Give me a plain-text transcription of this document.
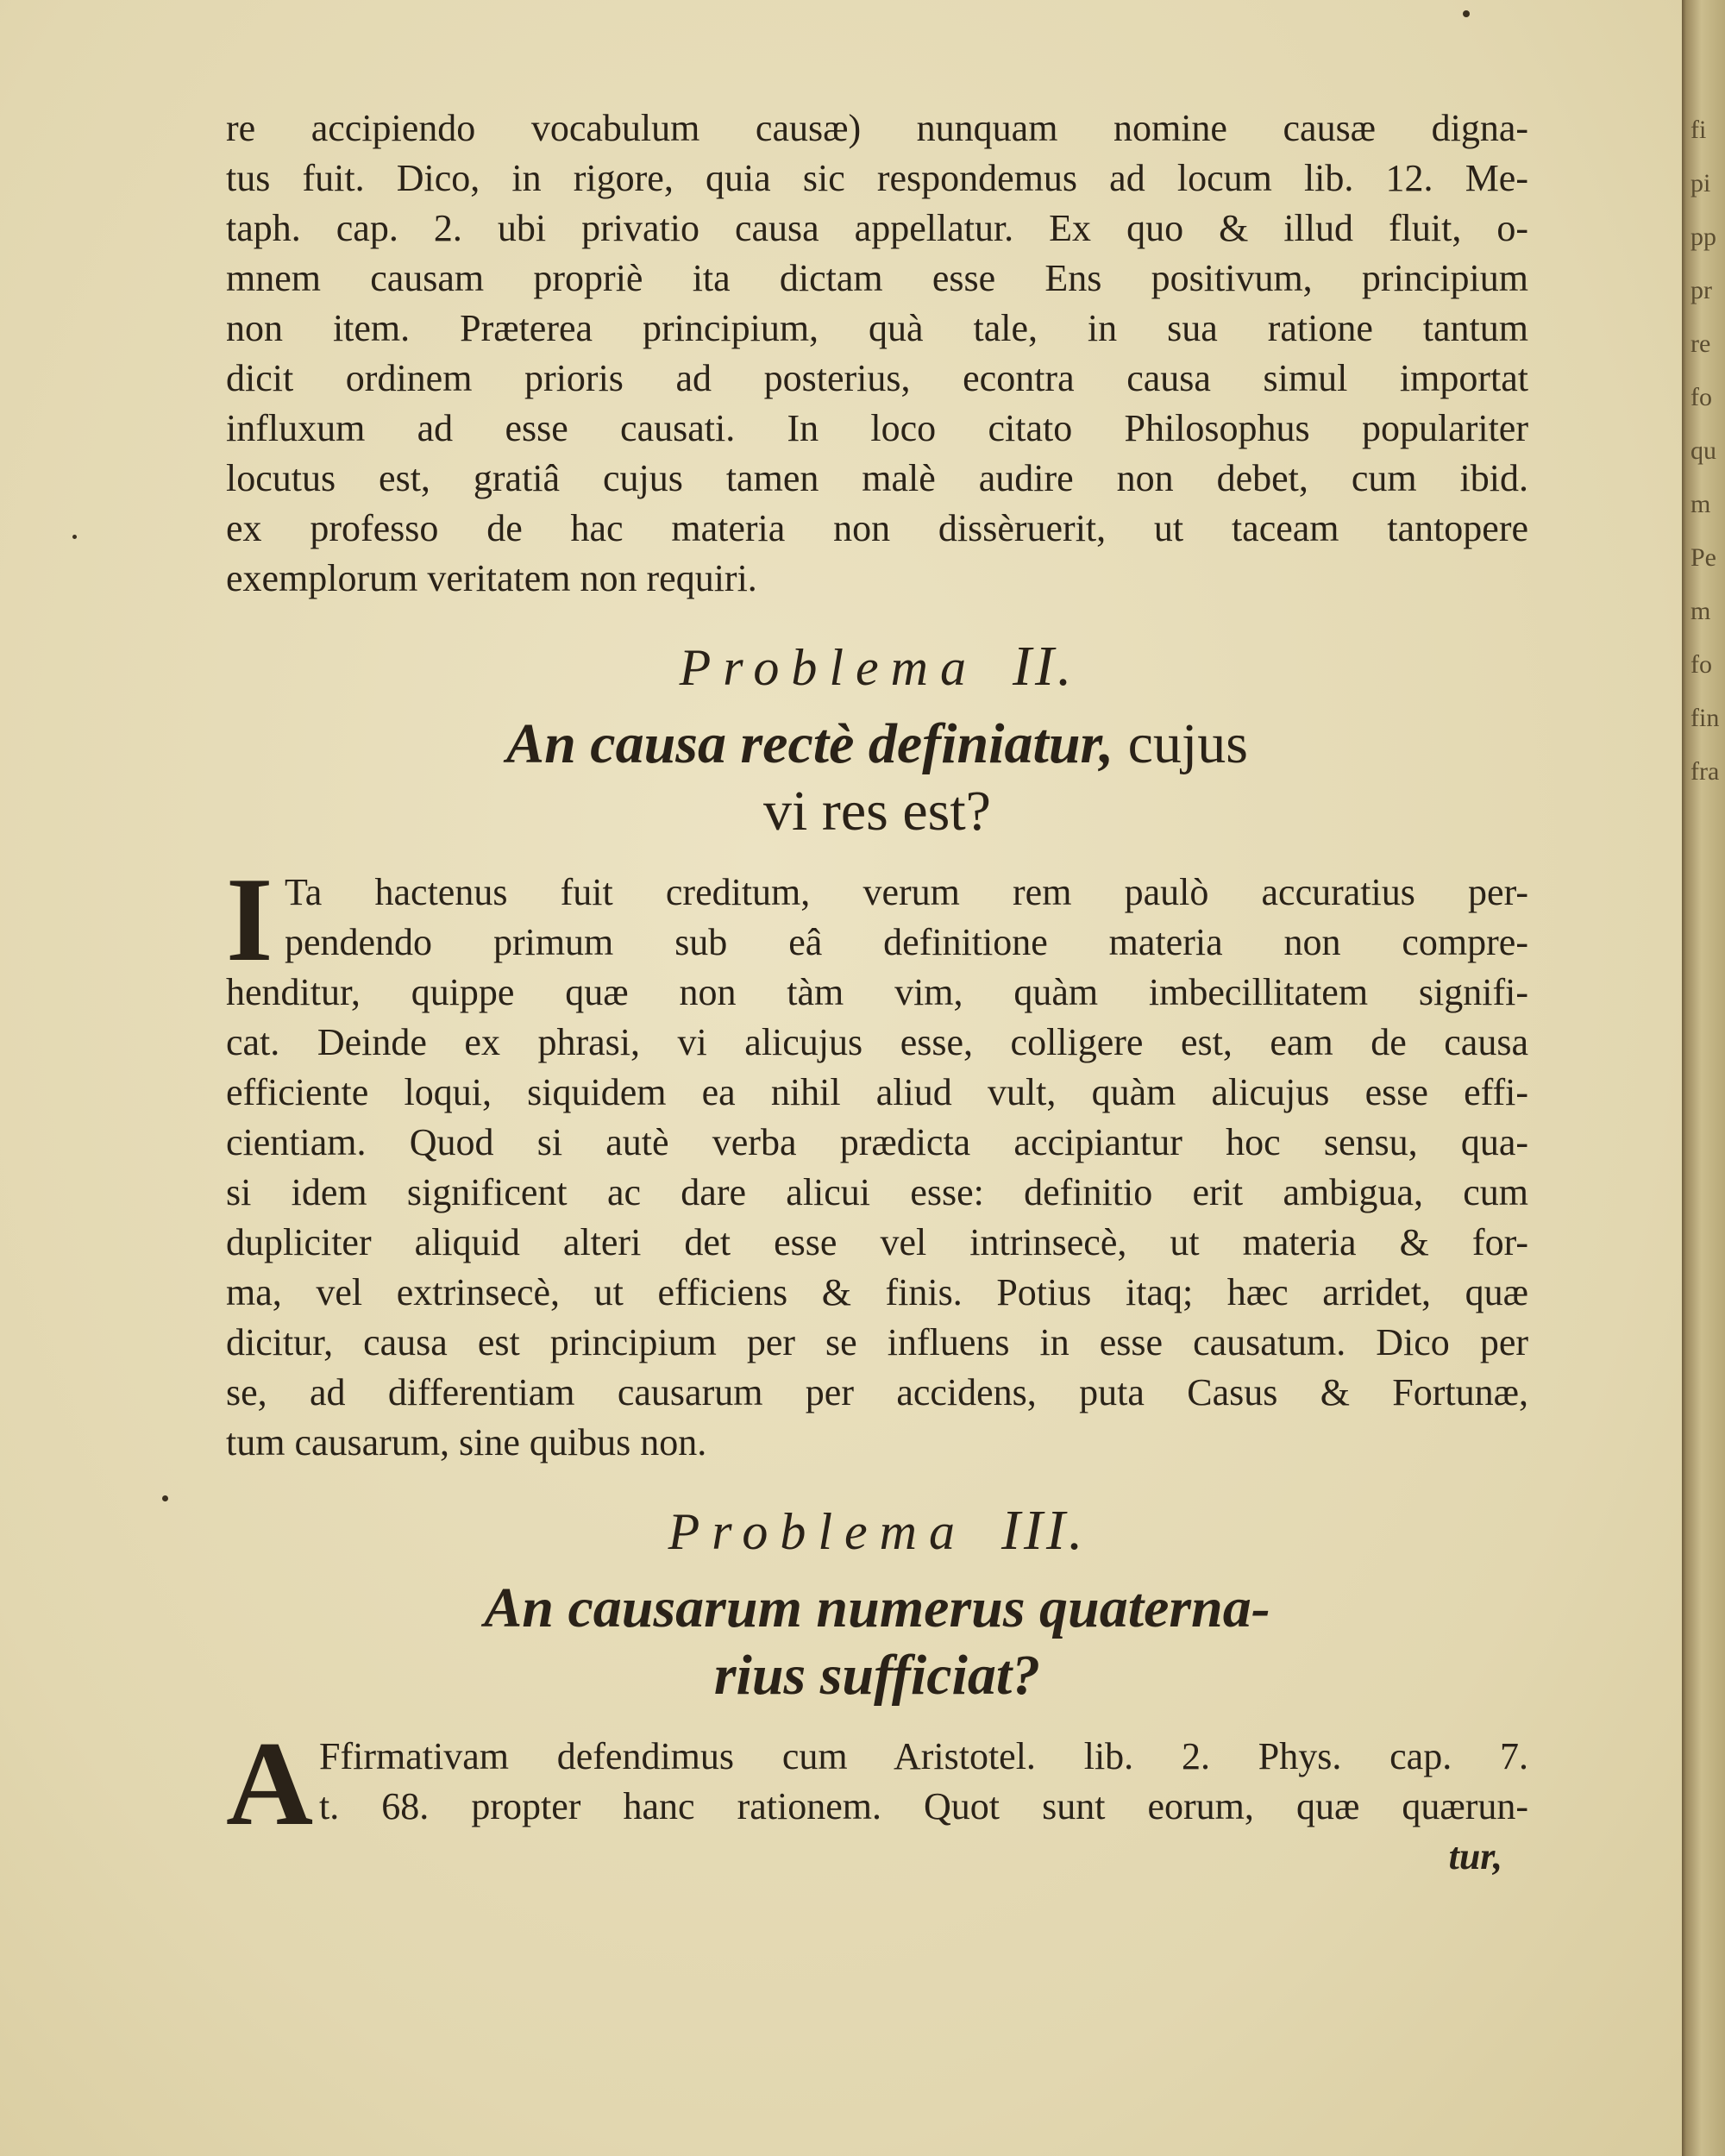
re accipiendo vocabulum causæ) nunquam nomine causæ digna-
tus fuit. Dico, in rigore, quia sic respondemus ad locum lib. 12. Me-
taph. cap. 2. ubi privatio causa appellatur. Ex quo & illud fluit, o-
mnem causam propriè ita dictam esse Ens positivum, principium
non item. Præterea principium, quà tale, in sua ratione tantum
dicit ordinem prioris ad posterius, econtra causa simul importat
influxum ad esse causati. In loco citato Philosophus populariter
locutus est, gratiâ cujus tamen malè audire non debet, cum ibid.
ex professo de hac materia non dissèruerit, ut taceam tantopere
exemplorum veritatem non requiri.
Problema II.
An causa rectè definiatur, cujus
vi res est?
I Ta hactenus fuit creditum, verum rem paulò accuratius per-
pendendo primum sub eâ definitione materia non compre-
henditur, quippe quæ non tàm vim, quàm imbecillitatem signifi-
cat. Deinde ex phrasi, vi alicujus esse, colligere est, eam de causa
efficiente loqui, siquidem ea nihil aliud vult, quàm alicujus esse effi-
cientiam. Quod si autè verba prædicta accipiantur hoc sensu, qua-
si idem significent ac dare alicui esse: definitio erit ambigua, cum
dupliciter aliquid alteri det esse vel intrinsecè, ut materia & for-
ma, vel extrinsecè, ut efficiens & finis. Potius itaq; hæc arridet, quæ
dicitur, causa est principium per se influens in esse causatum. Dico per
se, ad differentiam causarum per accidens, puta Casus & Fortunæ,
tum causarum, sine quibus non.
Problema III.
An causarum numerus quaterna-
rius sufficiat?
A Ffirmativam defendimus cum Aristotel. lib. 2. Phys. cap. 7.
t. 68. propter hanc rationem. Quot sunt eorum, quæ quærun-
tur,
fi
pi
pp
pr
re
fo
qu
m
Pe
m
fo
fin
fra
